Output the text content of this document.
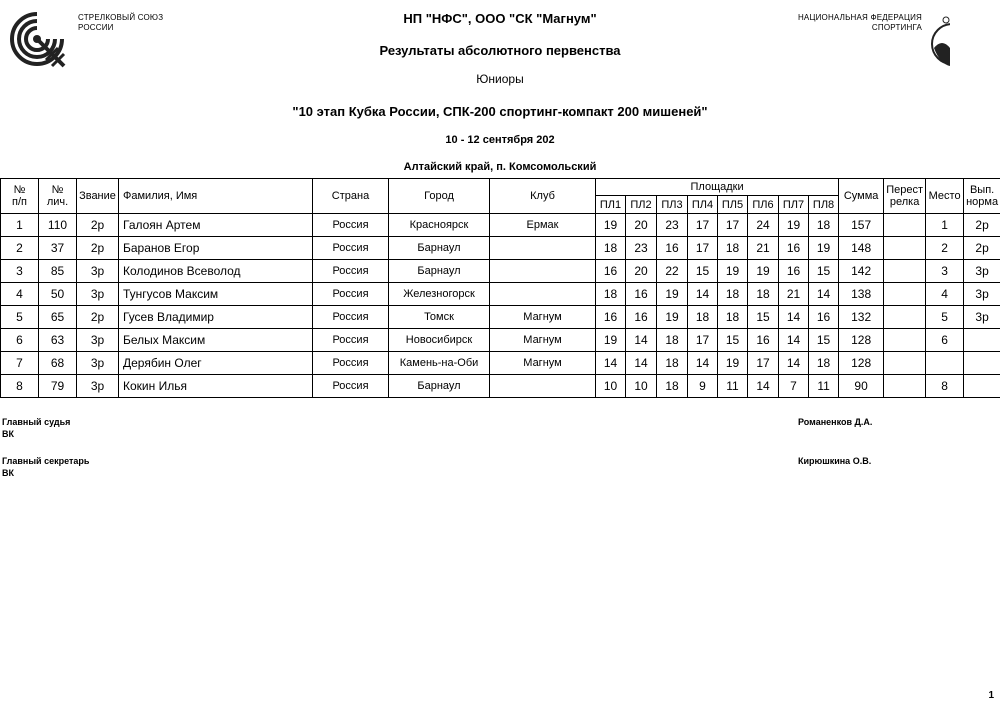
СТРЕЛКОВЫЙ СОЮЗ
РОССИИ
НАЦИОНАЛЬНАЯ ФЕДЕРАЦИЯ
СПОРТИНГА
НП "НФС", ООО "СК "Магнум"
Результаты абсолютного первенства
Юниоры
"10 этап Кубка России, СПК-200 спортинг-компакт 200 мишеней"
10 - 12 сентября 202
Алтайский край, п. Комсомольский
№
п/п	№
лич.	Звание	Фамилия, Имя	Страна	Город	Клуб	Площадки								Сумма	Перест
релка	Место	Вып.
норма
							ПЛ1	ПЛ2	ПЛ3	ПЛ4	ПЛ5	ПЛ6	ПЛ7	ПЛ8				
1	110	2р	Галоян Артем	Россия	Красноярск	Ермак	19	20	23	17	17	24	19	18	157		1	2р
2	37	2р	Баранов Егор	Россия	Барнаул		18	23	16	17	18	21	16	19	148		2	2р
3	85	3р	Колодинов Всеволод	Россия	Барнаул		16	20	22	15	19	19	16	15	142		3	3р
4	50	3р	Тунгусов Максим	Россия	Железногорск		18	16	19	14	18	18	21	14	138		4	3р
5	65	2р	Гусев Владимир	Россия	Томск	Магнум	16	16	19	18	18	15	14	16	132		5	3р
6	63	3р	Белых Максим	Россия	Новосибирск	Магнум	19	14	18	17	15	16	14	15	128		6	
7	68	3р	Дерябин Олег	Россия	Камень-на-Оби	Магнум	14	14	18	14	19	17	14	18	128			
8	79	3р	Кокин Илья	Россия	Барнаул		10	10	18	9	11	14	7	11	90		8	
Главный судья
ВК
Романенков Д.А.
Главный секретарь
ВК
Кирюшкина О.В.
1
